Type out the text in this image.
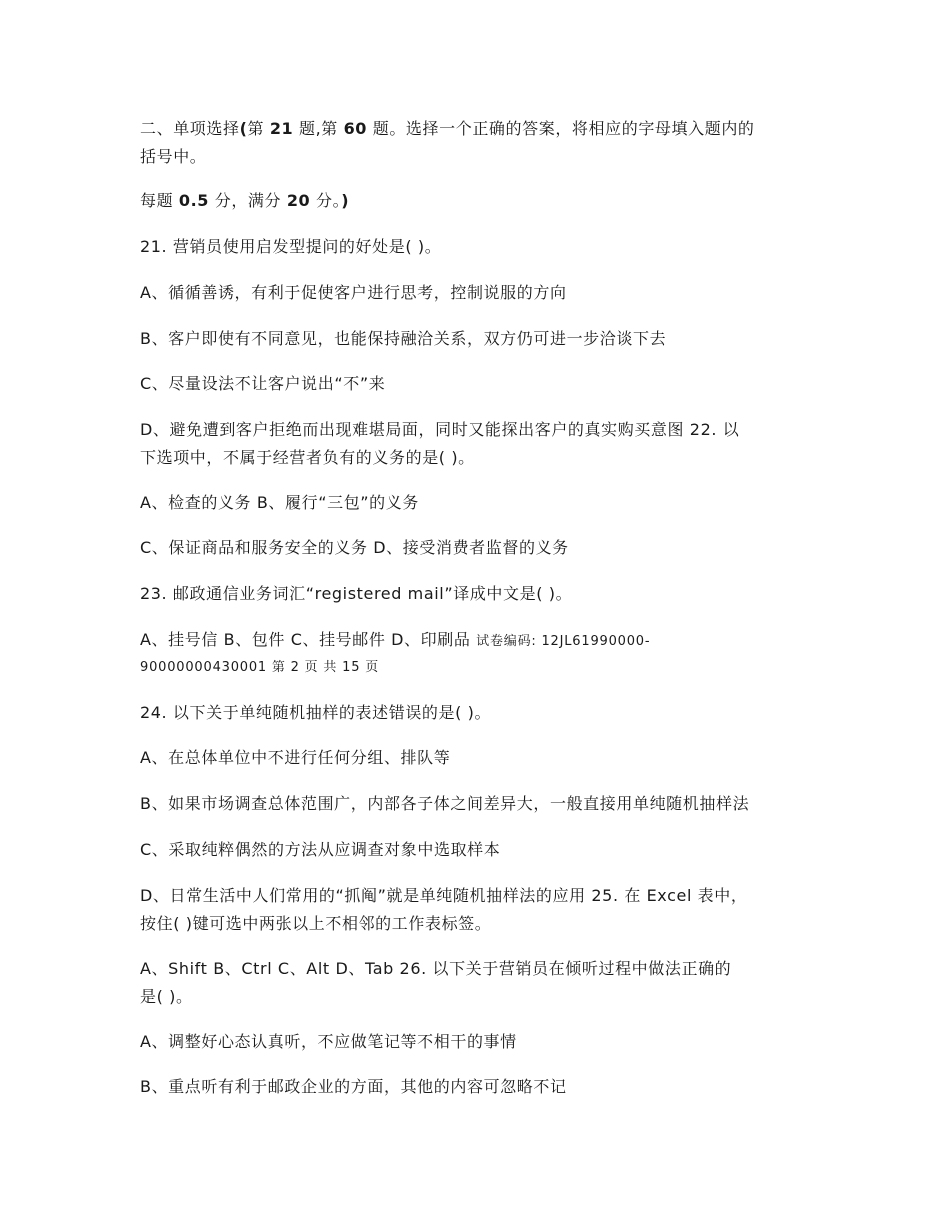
二、单项选择(第 21 题,第 60 题。选择一个正确的答案，将相应的字母填入题内的
括号中。
每题 0.5 分，满分 20 分。)
21. 营销员使用启发型提问的好处是( )。
A、循循善诱，有利于促使客户进行思考，控制说服的方向
B、客户即使有不同意见，也能保持融洽关系，双方仍可进一步洽谈下去
C、尽量设法不让客户说出“不”来
D、避免遭到客户拒绝而出现难堪局面，同时又能探出客户的真实购买意图 22. 以
下选项中，不属于经营者负有的义务的是( )。
A、检查的义务 B、履行“三包”的义务
C、保证商品和服务安全的义务 D、接受消费者监督的义务
23. 邮政通信业务词汇“registered mail”译成中文是( )。
A、挂号信 B、包件 C、挂号邮件 D、印刷品 试卷编码: 12JL61990000-
90000000430001 第 2 页 共 15 页
24. 以下关于单纯随机抽样的表述错误的是( )。
A、在总体单位中不进行任何分组、排队等
B、如果市场调查总体范围广，内部各子体之间差异大，一般直接用单纯随机抽样法
C、采取纯粹偶然的方法从应调查对象中选取样本
D、日常生活中人们常用的“抓阄”就是单纯随机抽样法的应用 25. 在 Excel 表中，
按住( )键可选中两张以上不相邻的工作表标签。
A、Shift B、Ctrl C、Alt D、Tab 26. 以下关于营销员在倾听过程中做法正确的
是( )。
A、调整好心态认真听，不应做笔记等不相干的事情
B、重点听有利于邮政企业的方面，其他的内容可忽略不记
